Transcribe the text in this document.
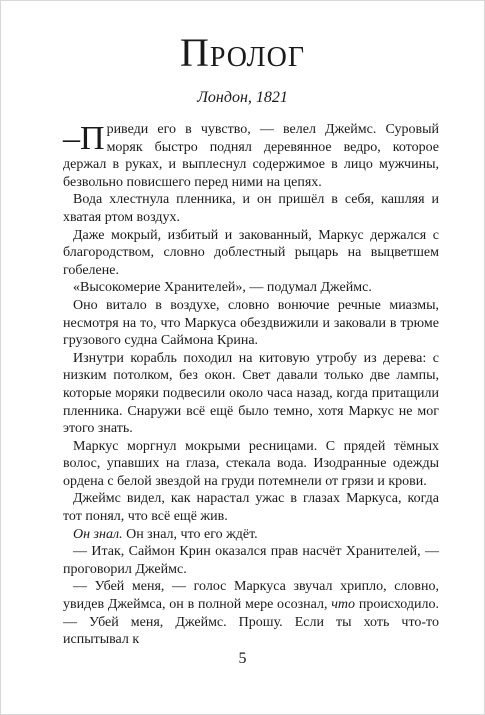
Пролог
Лондон, 1821

–П риведи его в чувство, — велел Джеймс. Суровый моряк быстро поднял деревянное ведро, которое держал в руках, и выплеснул содержимое в лицо мужчины, безвольно повисшего перед ними на цепях.

Вода хлестнула пленника, и он пришёл в себя, кашляя и хватая ртом воздух.

Даже мокрый, избитый и закованный, Маркус держался с благородством, словно доблестный рыцарь на выцветшем гобелене.

«Высокомерие Хранителей», — подумал Джеймс.

Оно витало в воздухе, словно вонючие речные миазмы, несмотря на то, что Маркуса обездвижили и заковали в трюме грузового судна Саймона Крина.

Изнутри корабль походил на китовую утробу из дерева: с низким потолком, без окон. Свет давали только две лампы, которые моряки подвесили около часа назад, когда притащили пленника. Снаружи всё ещё было темно, хотя Маркус не мог этого знать.

Маркус моргнул мокрыми ресницами. С прядей тёмных волос, упавших на глаза, стекала вода. Изодранные одежды ордена с белой звездой на груди потемнели от грязи и крови.

Джеймс видел, как нарастал ужас в глазах Маркуса, когда тот понял, что всё ещё жив.

Он знал. Он знал, что его ждёт.

— Итак, Саймон Крин оказался прав насчёт Хранителей, — проговорил Джеймс.

— Убей меня, — голос Маркуса звучал хрипло, словно, увидев Джеймса, он в полной мере осознал, что происходило. — Убей меня, Джеймс. Прошу. Если ты хоть что-то испытывал к

5
